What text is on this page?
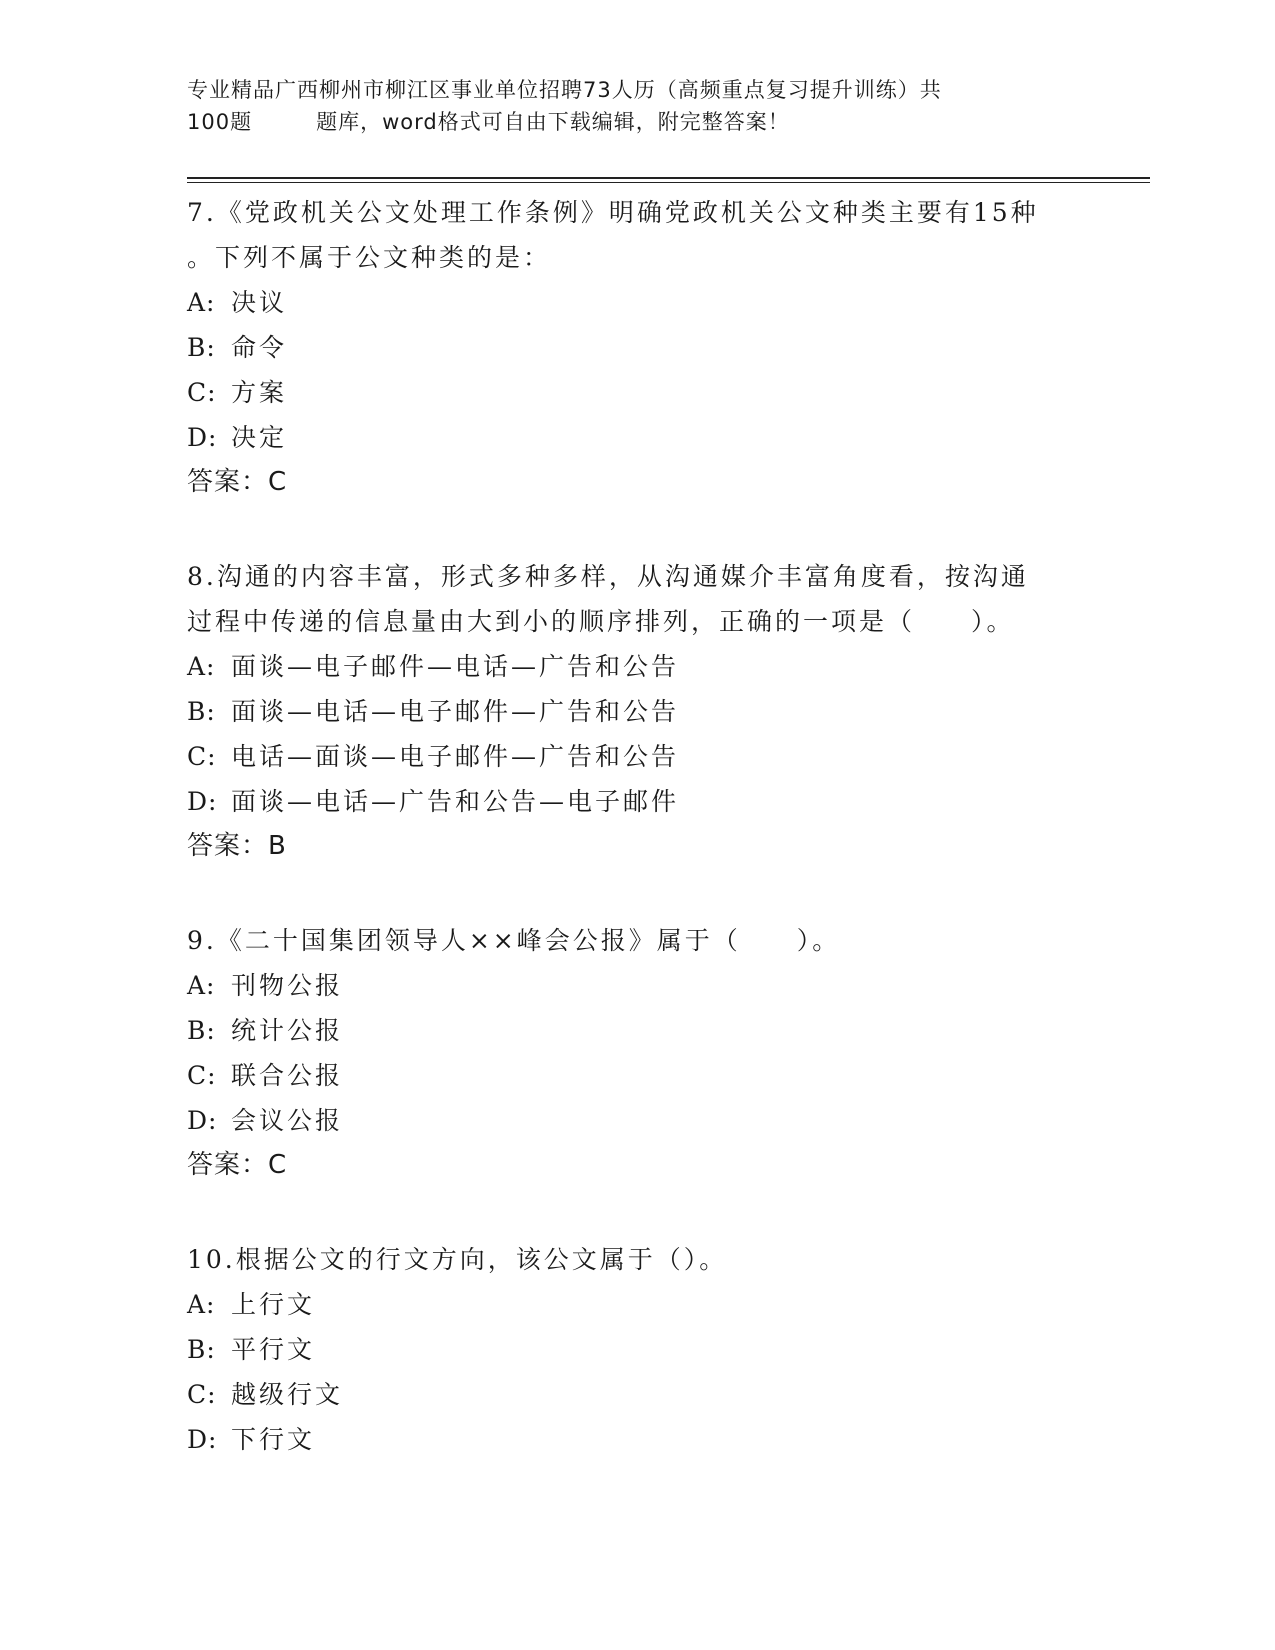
专业精品广西柳州市柳江区事业单位招聘73人历（高频重点复习提升训练）共
100题	题库，word格式可自由下载编辑，附完整答案！

7.《党政机关公文处理工作条例》明确党政机关公文种类主要有15种
。下列不属于公文种类的是：

A: 决议

B: 命令

C: 方案

D: 决定

答案：C

8.沟通的内容丰富，形式多种多样，从沟通媒介丰富角度看，按沟通
过程中传递的信息量由大到小的顺序排列，正确的一项是（　　）。

A: 面谈—电子邮件—电话—广告和公告

B: 面谈—电话—电子邮件—广告和公告

C: 电话—面谈—电子邮件—广告和公告

D: 面谈—电话—广告和公告—电子邮件

答案：B

9.《二十国集团领导人××峰会公报》属于（　　）。

A: 刊物公报

B: 统计公报

C: 联合公报

D: 会议公报

答案：C

10.根据公文的行文方向，该公文属于（）。

A: 上行文

B: 平行文

C: 越级行文

D: 下行文
